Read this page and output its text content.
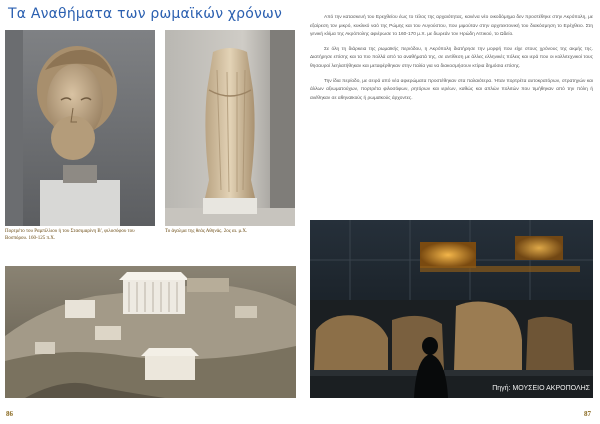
Τα Αναθήματα των ρωμαϊκών χρόνων
Πορτρέτο του Ραμπίλλιου ή του Στασιμαρίνη Β', φιλοσόφου του Βοσπόρου. 160-125 π.Χ.
Το άγαλμα της θεάς Αθηνάς. 2ος αι. μ.Χ.

Από την κατασκευή του Ερεχθείου έως το τέλος της αρχαιότητας, κανένα νέο οικοδόμημα δεν προστέθηκε στην Ακρόπολη, με εξαίρεση τον μικρό, κυκλικό ναό της Ρώμης και του Αυγούστου, που μιμούταν στην αρχιτεκτονική του διακόσμηση το Ερέχθειο. Στη γενική κλίμα της Ακρόπολης αφιέρωσε το 160-170 μ.Χ. με δωρεάν τον Ηρώδη Αττικού, το Ωδείο.

Σε όλη τη διάρκεια της ρωμαϊκής περιόδου, η Ακρόπολη διατήρησε την μορφή που είχε στους χρόνους της ακμής της. Διατήρησε επίσης και τα πιο πολλά από τα αναθήματά της, σε αντίθεση με άλλες ελληνικές πόλεις και ιερά που οι κολλιτεχνικοί τους θησαυροί λεηλατήθηκαν και μεταφέρθηκαν στην Ιταλία για να διακοσμήσουν κτίρια δημόσια επίσης.

Την ίδια περίοδο, με σειρά από νέα αφιερώματα προστέθηκαν στα παλαιότερα. Ήταν πορτρέτα αυτοκρατόρων, στρατηγών και άλλων αξιωματούχων, πορτρέτα φιλοσόφων, ρητόρων και ιερέων, καθώς και απλών πολιτών που τιμήθηκαν από την πόλη ή ανέθηκαν σε αθηναϊκούς ή ρωμαϊκούς άρχοντες.

Πηγή: ΜΟΥΣΕΙΟ ΑΚΡΟΠΟΛΗΣ
86	87
